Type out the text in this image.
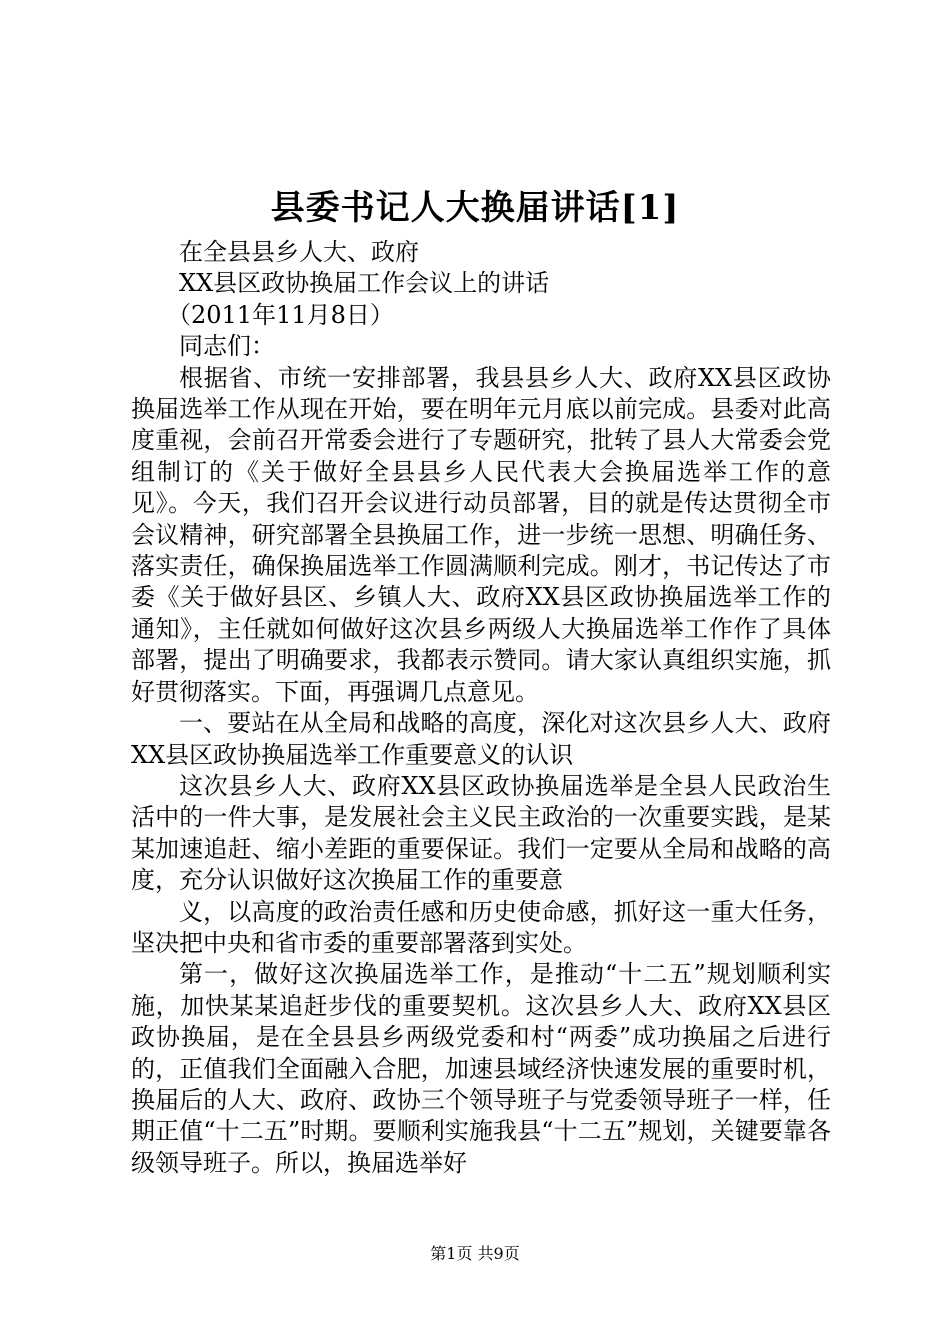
县委书记人大换届讲话[1]

在全县县乡人大、政府

XX县区政协换届工作会议上的讲话

（2011年11月8日）

同志们：

根据省、市统一安排部署，我县县乡人大、政府XX县区政协换届选举工作从现在开始，要在明年元月底以前完成。县委对此高度重视，会前召开常委会进行了专题研究，批转了县人大常委会党组制订的《关于做好全县县乡人民代表大会换届选举工作的意见》。今天，我们召开会议进行动员部署，目的就是传达贯彻全市会议精神，研究部署全县换届工作，进一步统一思想、明确任务、落实责任，确保换届选举工作圆满顺利完成。刚才，书记传达了市委《关于做好县区、乡镇人大、政府XX县区政协换届选举工作的通知》，主任就如何做好这次县乡两级人大换届选举工作作了具体部署，提出了明确要求，我都表示赞同。请大家认真组织实施，抓好贯彻落实。下面，再强调几点意见。

一、要站在从全局和战略的高度，深化对这次县乡人大、政府XX县区政协换届选举工作重要意义的认识

这次县乡人大、政府XX县区政协换届选举是全县人民政治生活中的一件大事，是发展社会主义民主政治的一次重要实践，是某某加速追赶、缩小差距的重要保证。我们一定要从全局和战略的高度，充分认识做好这次换届工作的重要意

义，以高度的政治责任感和历史使命感，抓好这一重大任务，坚决把中央和省市委的重要部署落到实处。

第一，做好这次换届选举工作，是推动“十二五”规划顺利实施，加快某某追赶步伐的重要契机。这次县乡人大、政府XX县区政协换届，是在全县县乡两级党委和村“两委”成功换届之后进行的，正值我们全面融入合肥，加速县域经济快速发展的重要时机，换届后的人大、政府、政协三个领导班子与党委领导班子一样，任期正值“十二五”时期。要顺利实施我县“十二五”规划，关键要靠各级领导班子。所以，换届选举好

第1页 共9页
